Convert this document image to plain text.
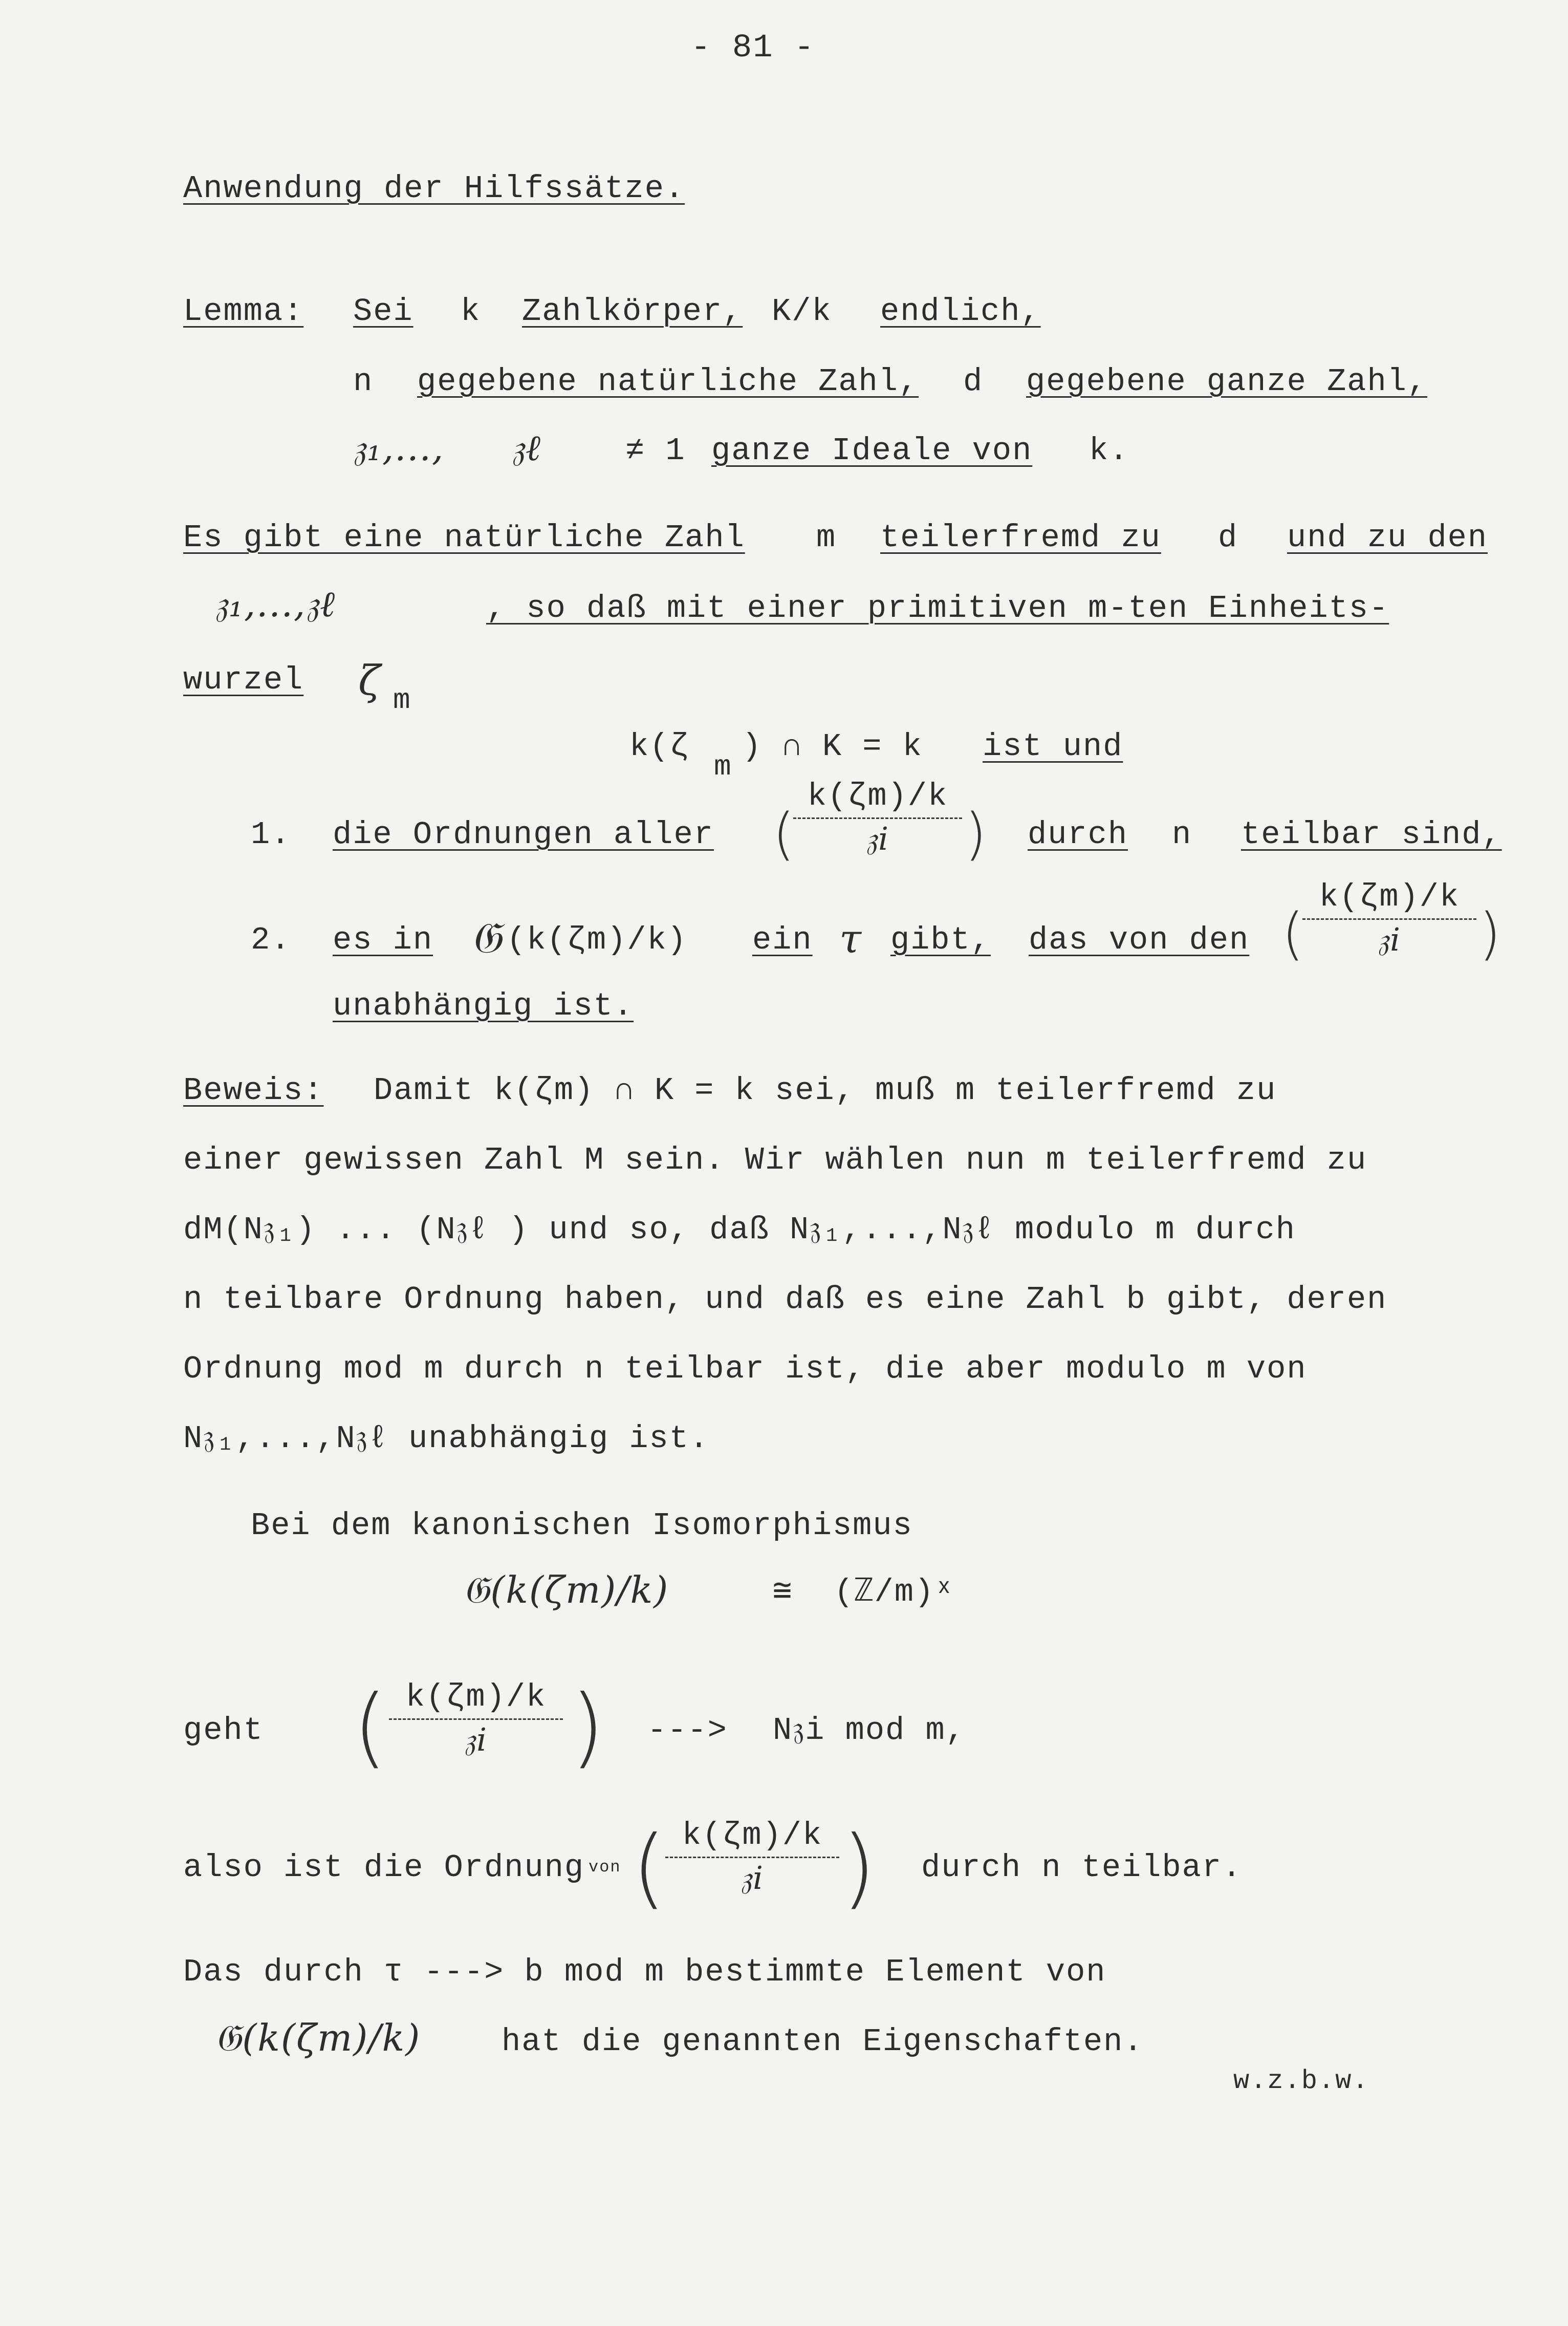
- 81 -
Anwendung der Hilfssätze.
Lemma: Sei k Zahlkörper, K/k endlich,
n gegebene natürliche Zahl, d gegebene ganze Zahl,
𝔷₁,..., 𝔷ℓ	≠ 1 ganze Ideale von k.
Es gibt eine natürliche Zahl m teilerfremd zu d und zu den
𝔷₁,...,𝔷ℓ	, so daß mit einer primitiven m-ten Einheits-
wurzel ζ m
k(ζ
m
) ∩ K = k ist und
1. die Ordnungen aller (
k(ζm)/k
𝔷i ) durch n teilbar sind,
2. es in 𝔊 (k(ζm)/k) ein τ gibt, das von den (
k(ζm)/k
𝔷i )
unabhängig ist.
Beweis: Damit k(ζm) ∩ K = k sei, muß m teilerfremd zu
einer gewissen Zahl M sein. Wir wählen nun m teilerfremd zu
dM(N𝔷₁) ... (N𝔷ℓ ) und so, daß N𝔷₁,...,N𝔷ℓ modulo m durch
n teilbare Ordnung haben, und daß es eine Zahl b gibt, deren
Ordnung mod m durch n teilbar ist, die aber modulo m von
N𝔷₁,...,N𝔷ℓ unabhängig ist.
Bei dem kanonischen Isomorphismus
𝔊(k(ζm)/k)	≅ (ℤ/m)ˣ
geht ( k(ζm)/k
𝔷i ) ---> N𝔷i mod m,
also ist die Ordnung von ( k(ζm)/k
𝔷i ) durch n teilbar.
Das durch τ ---> b mod m bestimmte Element von
𝔊(k(ζm)/k)	hat die genannten Eigenschaften.
w.z.b.w.
